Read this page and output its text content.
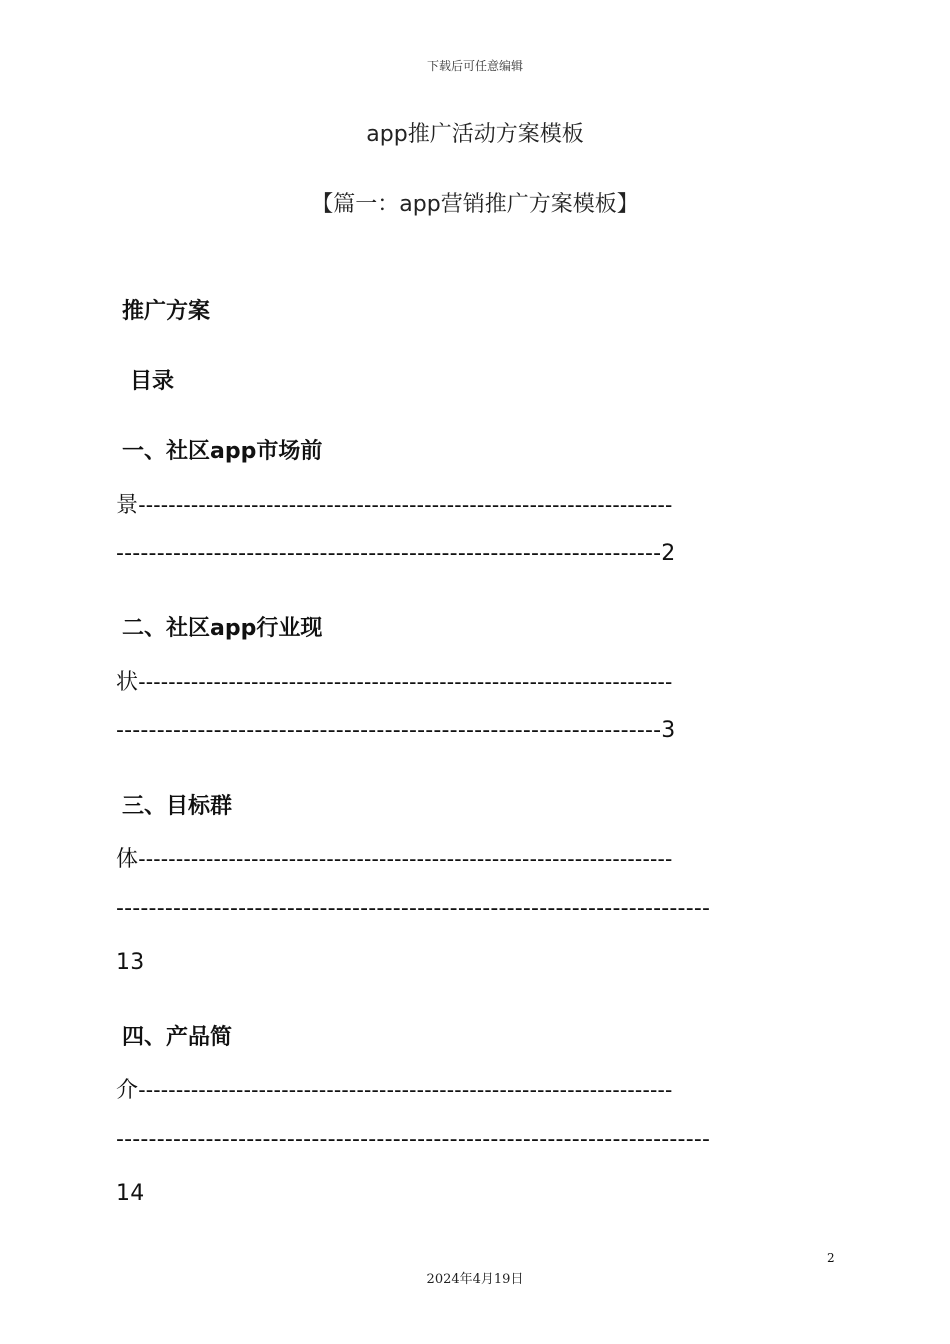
下载后可任意编辑
app推广活动方案模板
【篇一：app营销推广方案模板】
推广方案
目录
一、社区app市场前
景-----------------------------------------------------------------------
-------------------------------------------------------------------2
二、社区app行业现
状-----------------------------------------------------------------------
-------------------------------------------------------------------3
三、目标群
体-----------------------------------------------------------------------
-------------------------------------------------------------------------
13
四、产品简
介-----------------------------------------------------------------------
-------------------------------------------------------------------------
14
2
2024年4月19日
